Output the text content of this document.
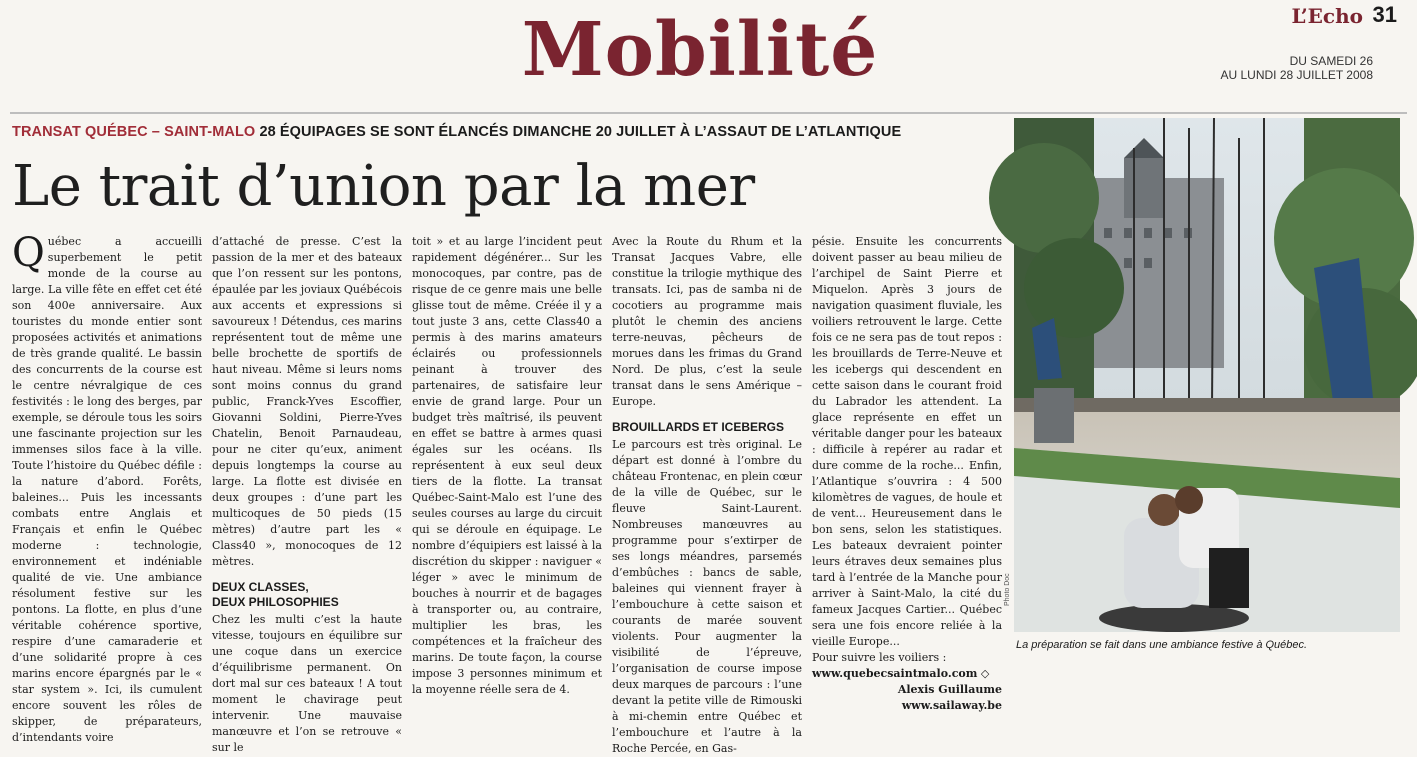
Mobilité	L’Echo 31
DU SAMEDI 26
AU LUNDI 28 JUILLET 2008
TRANSAT QUÉBEC – SAINT-MALO 28 ÉQUIPAGES SE SONT ÉLANCÉS DIMANCHE 20 JUILLET À L’ASSAUT DE L’ATLANTIQUE
Le trait d’union par la mer

Québec a accueilli superbement le petit monde de la course au large. La ville fête en effet cet été son 400e anniversaire. Aux touristes du monde entier sont proposées activités et animations de très grande qualité. Le bassin des concurrents de la course est le centre névralgique de ces festivités : le long des berges, par exemple, se déroule tous les soirs une fascinante projection sur les immenses silos face à la ville. Toute l’histoire du Québec défile : la nature d’abord. Forêts, baleines... Puis les incessants combats entre Anglais et Français et enfin le Québec moderne : technologie, environnement et indéniable qualité de vie. Une ambiance résolument festive sur les pontons. La flotte, en plus d’une véritable cohérence sportive, respire d’une camaraderie et d’une solidarité propre à ces marins encore épargnés par le « star system ». Ici, ils cumulent encore souvent les rôles de skipper, de préparateurs, d’intendants voire

d’attaché de presse. C’est la passion de la mer et des bateaux que l’on ressent sur les pontons, épaulée par les joviaux Québécois aux accents et expressions si savoureux ! Détendus, ces marins représentent tout de même une belle brochette de sportifs de haut niveau. Même si leurs noms sont moins connus du grand public, Franck-Yves Escoffier, Giovanni Soldini, Pierre-Yves Chatelin, Benoit Parnaudeau, pour ne citer qu’eux, animent depuis longtemps la course au large. La flotte est divisée en deux groupes : d’une part les multicoques de 50 pieds (15 mètres) d’autre part les « Class40 », monocoques de 12 mètres.

DEUX CLASSES,
DEUX PHILOSOPHIES

Chez les multi c’est la haute vitesse, toujours en équilibre sur une coque dans un exercice d’équilibrisme permanent. On dort mal sur ces bateaux ! A tout moment le chavirage peut intervenir. Une mauvaise manœuvre et l’on se retrouve « sur le

toit » et au large l’incident peut rapidement dégénérer... Sur les monocoques, par contre, pas de risque de ce genre mais une belle glisse tout de même. Créée il y a tout juste 3 ans, cette Class40 a permis à des marins amateurs éclairés ou professionnels peinant à trouver des partenaires, de satisfaire leur envie de grand large. Pour un budget très maîtrisé, ils peuvent en effet se battre à armes quasi égales sur les océans. Ils représentent à eux seul deux tiers de la flotte. La transat Québec-Saint-Malo est l’une des seules courses au large du circuit qui se déroule en équipage. Le nombre d’équipiers est laissé à la discrétion du skipper : naviguer « léger » avec le minimum de bouches à nourrir et de bagages à transporter ou, au contraire, multiplier les bras, les compétences et la fraîcheur des marins. De toute façon, la course impose 3 personnes minimum et la moyenne réelle sera de 4.

Avec la Route du Rhum et la Transat Jacques Vabre, elle constitue la trilogie mythique des transats. Ici, pas de samba ni de cocotiers au programme mais plutôt le chemin des anciens terre-neuvas, pêcheurs de morues dans les frimas du Grand Nord. De plus, c’est la seule transat dans le sens Amérique – Europe.

BROUILLARDS ET ICEBERGS

Le parcours est très original. Le départ est donné à l’ombre du château Frontenac, en plein cœur de la ville de Québec, sur le fleuve Saint-Laurent. Nombreuses manœuvres au programme pour s’extirper de ses longs méandres, parsemés d’embûches : bancs de sable, baleines qui viennent frayer à l’embouchure à cette saison et courants de marée souvent violents. Pour augmenter la visibilité de l’épreuve, l’organisation de course impose deux marques de parcours : l’une devant la petite ville de Rimouski à mi-chemin entre Québec et l’embouchure et l’autre à la Roche Percée, en Gas-

pésie. Ensuite les concurrents doivent passer au beau milieu de l’archipel de Saint Pierre et Miquelon. Après 3 jours de navigation quasiment fluviale, les voiliers retrouvent le large. Cette fois ce ne sera pas de tout repos : les brouillards de Terre-Neuve et les icebergs qui descendent en cette saison dans le courant froid du Labrador les attendent. La glace représente en effet un véritable danger pour les bateaux : difficile à repérer au radar et dure comme de la roche... Enfin, l’Atlantique s’ouvrira : 4 500 kilomètres de vagues, de houle et de vent... Heureusement dans le bon sens, selon les statistiques. Les bateaux devraient pointer leurs étraves deux semaines plus tard à l’entrée de la Manche pour arriver à Saint-Malo, la cité du fameux Jacques Cartier... Québec sera une fois encore reliée à la vieille Europe...

Pour suivre les voiliers :

www.quebecsaintmalo.com ◇

Alexis Guillaume

www.sailaway.be

Photo Doc
La préparation se fait dans une ambiance festive à Québec.
